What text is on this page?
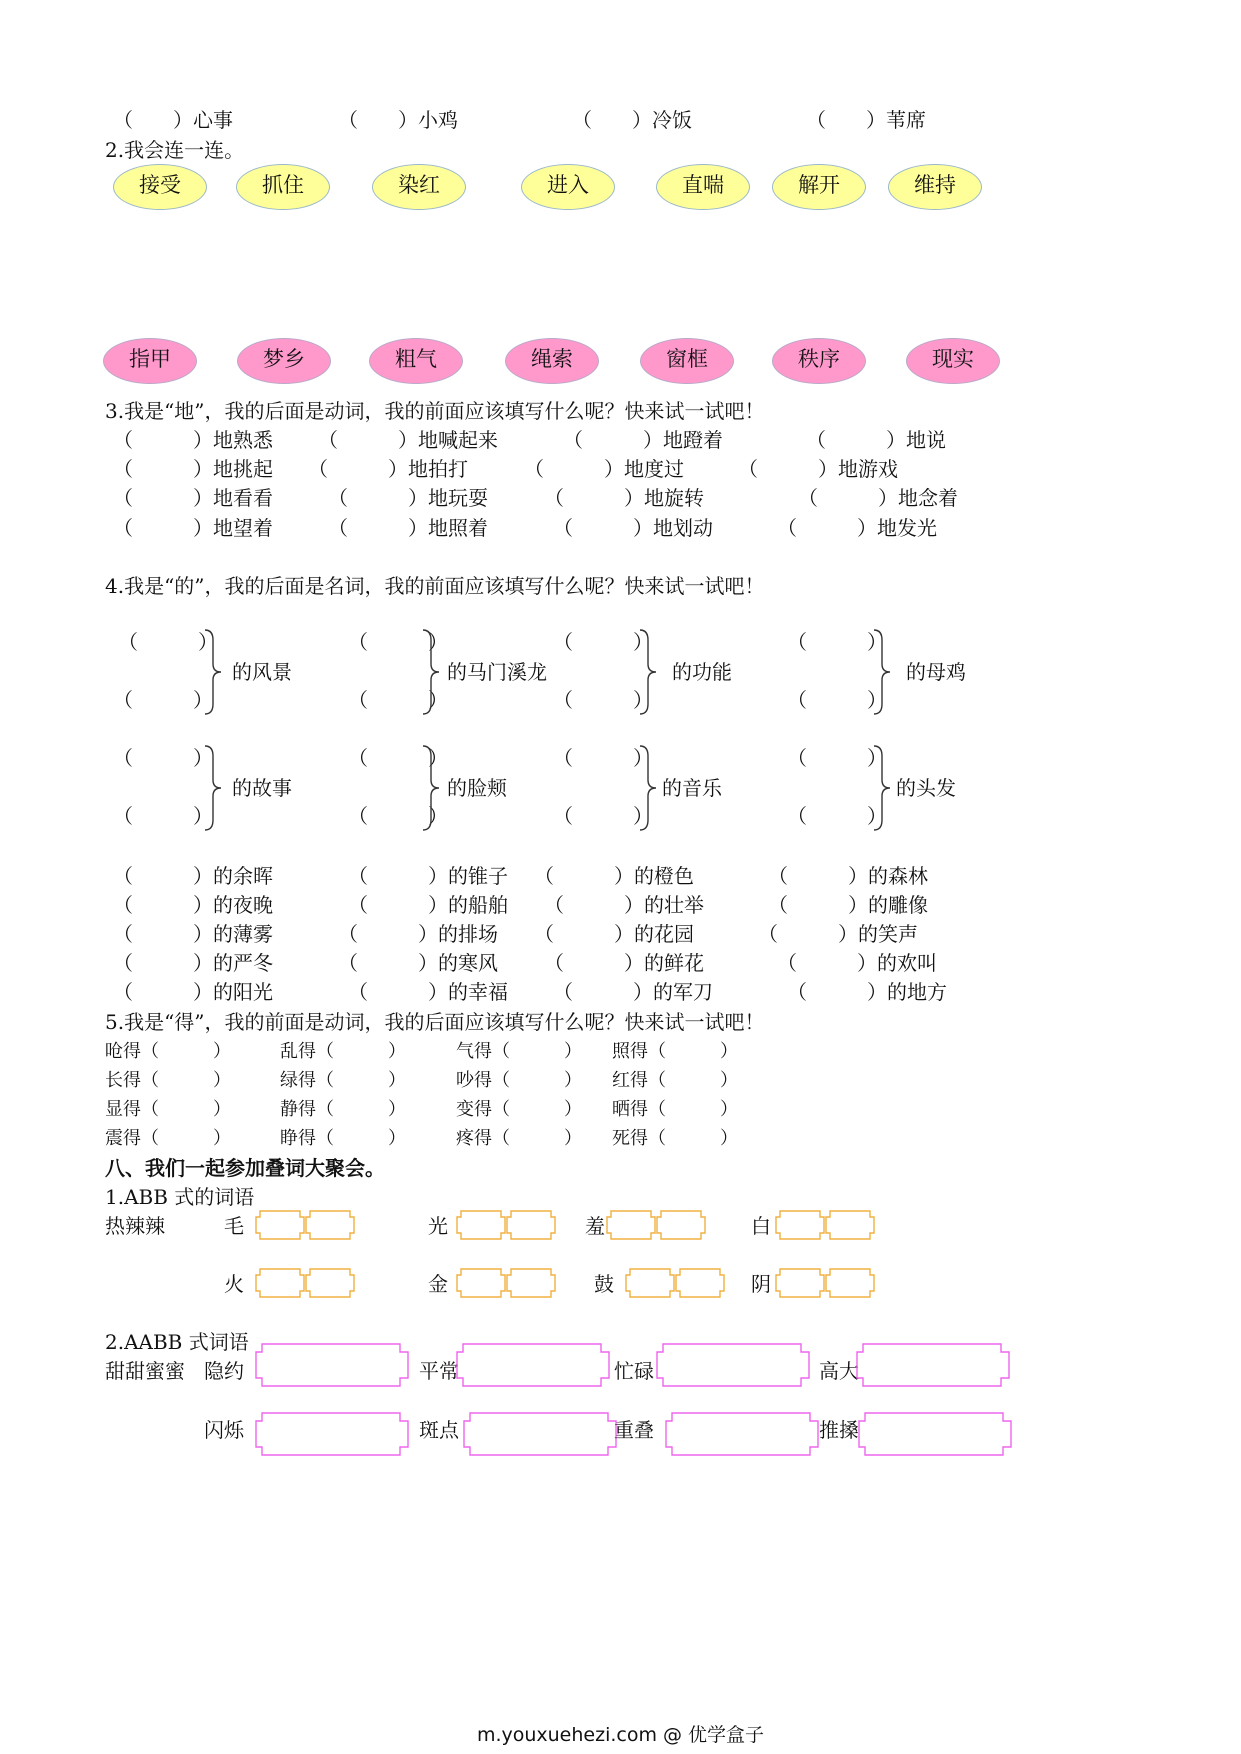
（　　）心事	（　　）小鸡	（　　）冷饭	（　　）苇席
2.我会连一连。
接受	抓住	染红	进入	直喘	解开	维持
指甲	梦乡	粗气	绳索	窗框	秩序	现实
3.我是“地”，我的后面是动词，我的前面应该填写什么呢？快来试一试吧！
（　　　）地熟悉 （　　　）地喊起来	（　　　）地蹬着	（　　　）地说
（　　　）地挑起 （　　　）地拍打	（　　　）地度过	（　　　）地游戏
（　　　）地看看	（　　　）地玩耍	（　　　）地旋转	（　　　）地念着
（　　　）地望着	（　　　）地照着	（　　　）地划动	（　　　）地发光
4.我是“的”，我的后面是名词，我的前面应该填写什么呢？快来试一试吧！
（　　　）
（　　　）
的风景
（　　　）
（　　　）
的马门溪龙
（　　　）
（　　　）
的功能
（　　　）
（　　　）
的母鸡
（　　　）
（　　　）
的故事
（　　　）
（　　　）
的脸颊
（　　　）
（　　　）
的音乐
（　　　）
（　　　）
的头发
（　　　）的余晖	（　　　）的锥子 （　　　）的橙色	（　　　）的森林
（　　　）的夜晚	（　　　）的船舶 （　　　）的壮举	（　　　）的雕像
（　　　）的薄雾	（　　　）的排场 （　　　）的花园	（　　　）的笑声
（　　　）的严冬	（　　　）的寒风 （　　　）的鲜花	（　　　）的欢叫
（　　　）的阳光	（　　　）的幸福 （　　　）的军刀	（　　　）的地方
5.我是“得”，我的前面是动词，我的后面应该填写什么呢？快来试一试吧！
呛得（　　　）	乱得（　　　）	气得（　　　） 照得（　　　）
长得（　　　）	绿得（　　　）	吵得（　　　） 红得（　　　）
显得（　　　）	静得（　　　）	变得（　　　） 晒得（　　　）
震得（　　　）	睁得（　　　）	疼得（　　　） 死得（　　　）
八、我们一起参加叠词大聚会。
1.ABB 式的词语
热辣辣	毛	光	羞	白
火	金	鼓	阴
2.AABB 式词语
甜甜蜜蜜 隐约	平常	忙碌	高大
闪烁	斑点	重叠	推搡
m.youxuehezi.com @ 优学盒子
